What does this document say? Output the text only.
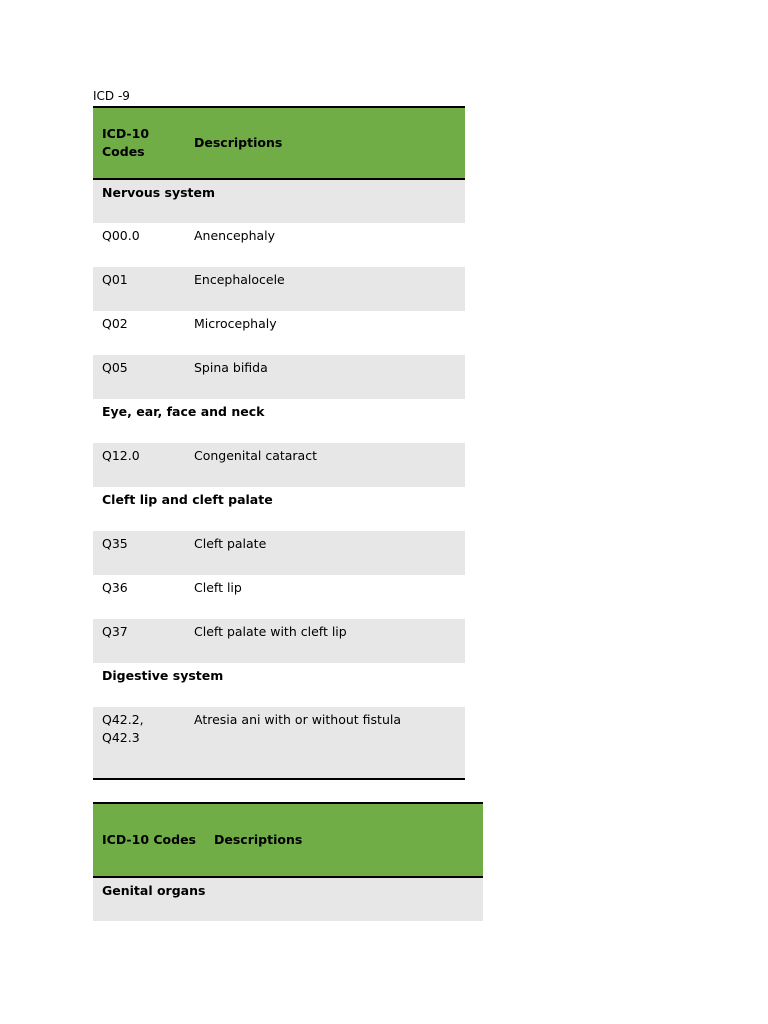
ICD -9
ICD-10 Codes	Descriptions
Nervous system	
Q00.0	Anencephaly
Q01	Encephalocele
Q02	Microcephaly
Q05	Spina bifida
Eye, ear, face and neck	
Q12.0	Congenital cataract
Cleft lip and cleft palate	
Q35	Cleft palate
Q36	Cleft lip
Q37	Cleft palate with cleft lip
Digestive system	
Q42.2,
Q42.3	Atresia ani with or without fistula
ICD-10 Codes	Descriptions
Genital organs
